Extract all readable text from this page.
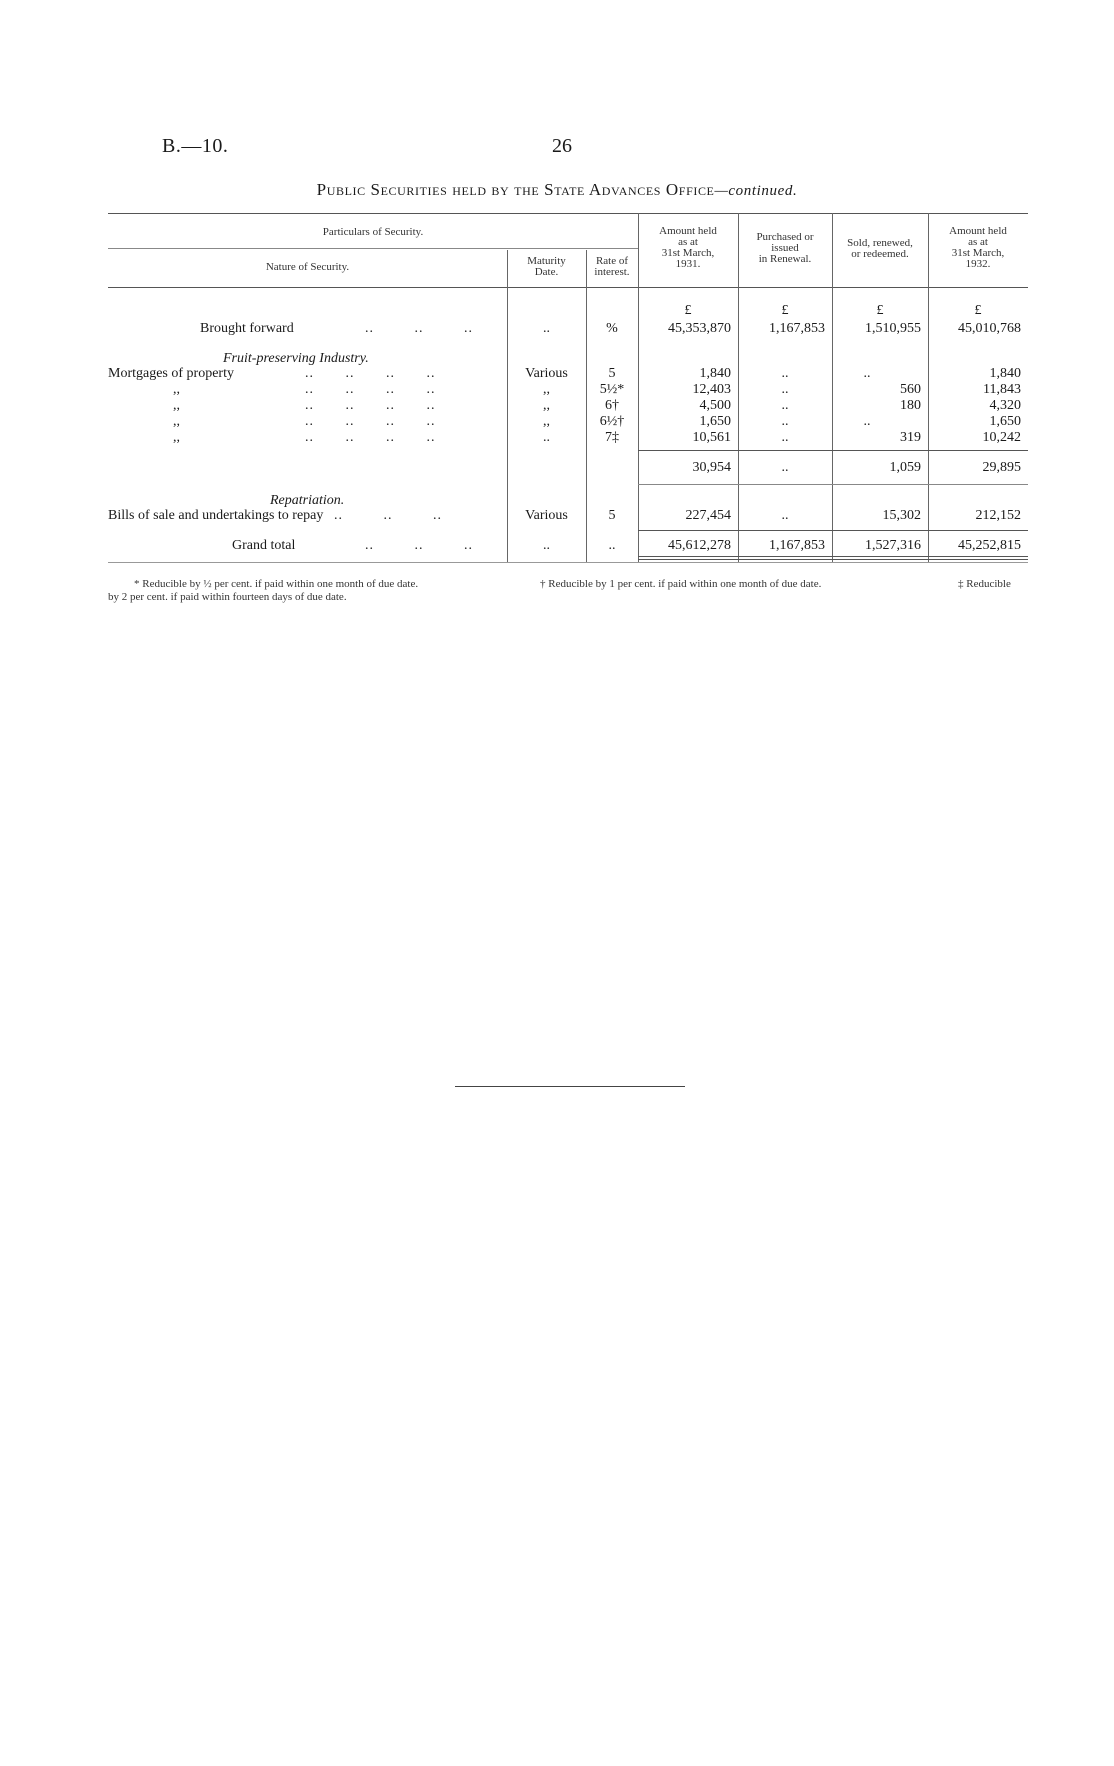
B.—10.	26
Public Securities held by the State Advances Office—continued.
Particulars of Security.
Nature of Security.	Maturity
Date.
Rate of
interest.
Amount held
as at
31st March,
1931.
Purchased or
issued
in Renewal.
Sold, renewed,
or redeemed.
Amount held
as at
31st March,
1932.
£	£	£	£
Brought forward	..         ..         ..	..	%	45,353,870	1,167,853	1,510,955	45,010,768
Fruit-preserving Industry.
Mortgages of property	..       ..       ..       ..	Various	5	1,840	..	..	1,840
,,	..       ..       ..       ..	,,	5½*	12,403	..	560	11,843
,,	..       ..       ..       ..	,,	6†	4,500	..	180	4,320
,,	..       ..       ..       ..	,,	6½†	1,650	..	..	1,650
,,	..       ..       ..       ..	..	7‡	10,561	..	319	10,242
30,954	..	1,059	29,895
Repatriation.
Bills of sale and undertakings to repay ..         ..         ..	Various	5	227,454	..	15,302	212,152
Grand total	..         ..         ..	..	..	45,612,278	1,167,853	1,527,316	45,252,815
* Reducible by ½ per cent. if paid within one month of due date.	† Reducible by 1 per cent. if paid within one month of due date.	‡ Reducible
by 2 per cent. if paid within fourteen days of due date.
